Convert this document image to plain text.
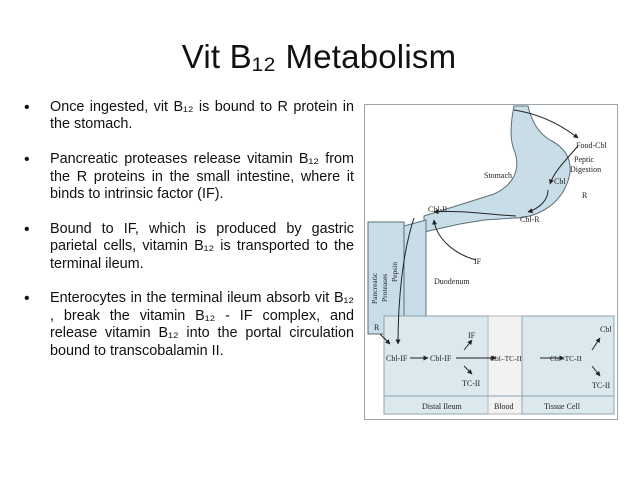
Vit B₁₂ Metabolism
• Once ingested, vit B₁₂ is bound to R protein in the stomach.
• Pancreatic proteases release vitamin B₁₂ from the R proteins in the small intestine, where it binds to intrinsic factor (IF).
• Bound to IF, which is produced by gastric parietal cells, vitamin B₁₂ is transported to the terminal ileum.
• Enterocytes in the terminal ileum absorb vit B₁₂ , break the vitamin B₁₂ - IF complex, and release vitamin B₁₂ into the portal circulation bound to transcobalamin II.
Food-Cbl
Peptic
Digestion
Stomach
Cbl
R
Cbl-R
Cbl-R
IF
Duodenum
Pancreatic Proteases
Pepsin
R
Cbl-IF	Cbl-IF
IF
TC-II
Cbl–TC-II	Cbl–TC-II
Cbl
TC-II
Distal Ileum	Blood	Tissue Cell
